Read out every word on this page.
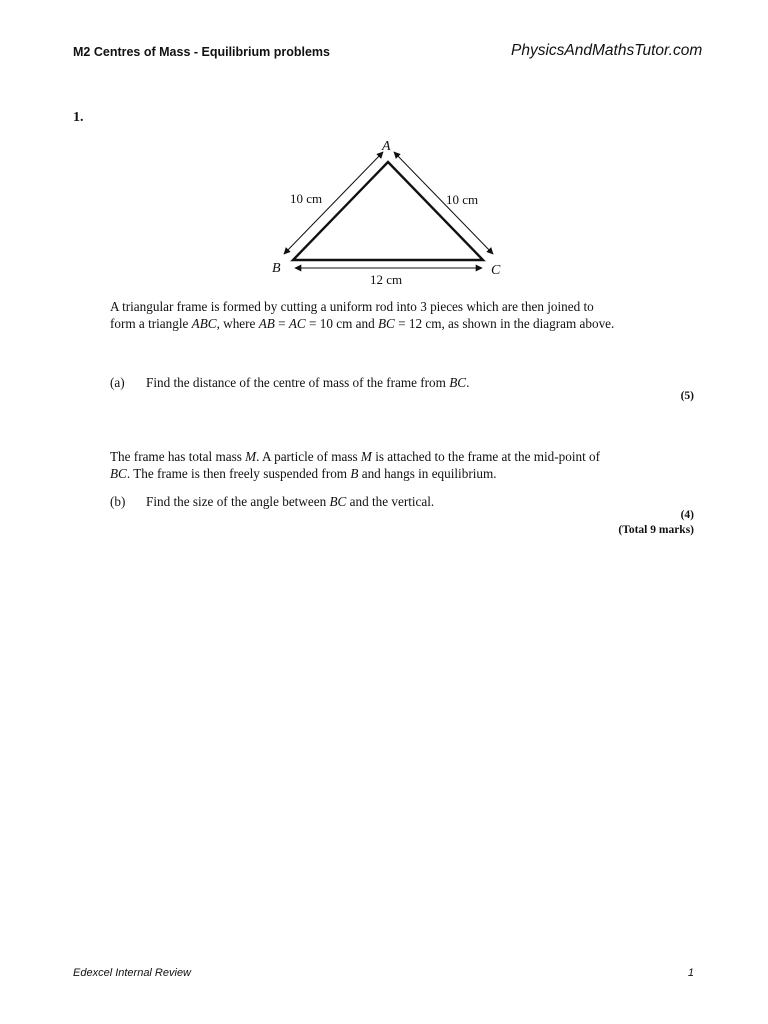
M2 Centres of Mass - Equilibrium problems	PhysicsAndMathsTutor.com
1.
A
B	C
10 cm	10 cm
12 cm
A triangular frame is formed by cutting a uniform rod into 3 pieces which are then joined to
form a triangle ABC, where AB = AC = 10 cm and BC = 12 cm, as shown in the diagram above.
(a) Find the distance of the centre of mass of the frame from BC.
(5)
The frame has total mass M. A particle of mass M is attached to the frame at the mid-point of
BC. The frame is then freely suspended from B and hangs in equilibrium.
(b) Find the size of the angle between BC and the vertical.
(4)
(Total 9 marks)
Edexcel Internal Review	1
